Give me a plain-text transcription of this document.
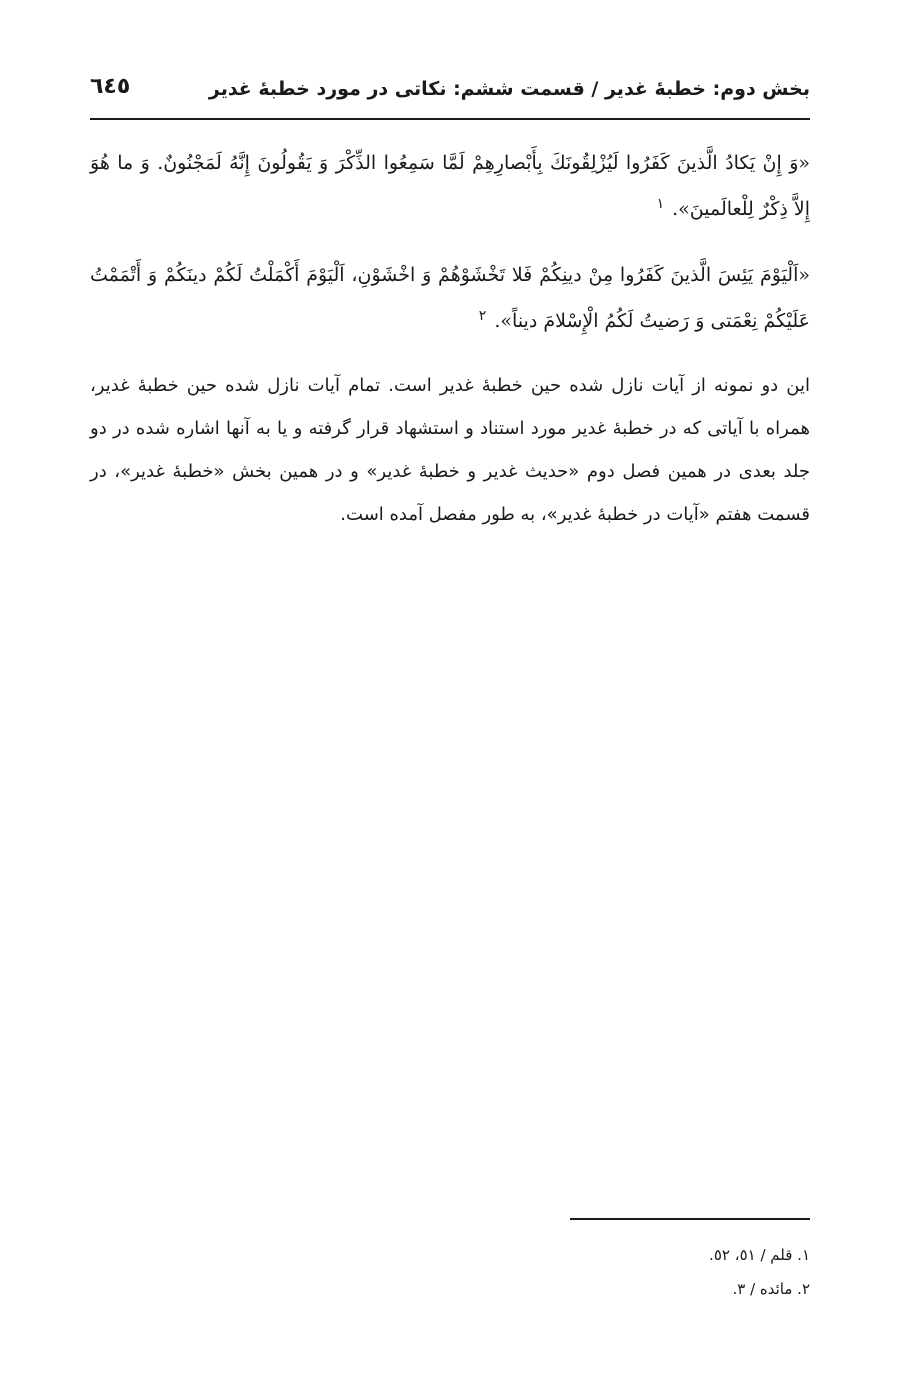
بخش دوم: خطبهٔ غدیر / قسمت ششم: نکاتی در مورد خطبهٔ غدیر
٦٤٥

«وَ إِنْ يَكادُ الَّذينَ كَفَرُوا لَيُزْلِقُونَكَ بِأَبْصارِهِمْ لَمَّا سَمِعُوا الذِّكْرَ وَ يَقُولُونَ إِنَّهُ لَمَجْنُونٌ. وَ ما هُوَ إِلاَّ ذِكْرٌ لِلْعالَمينَ». $^١$

«اَلْيَوْمَ يَئِسَ الَّذينَ كَفَرُوا مِنْ دينِكُمْ فَلا تَخْشَوْهُمْ وَ اخْشَوْنِ، اَلْيَوْمَ أَكْمَلْتُ لَكُمْ دينَكُمْ وَ أَتْمَمْتُ عَلَيْكُمْ نِعْمَتى وَ رَضيتُ لَكُمُ الْإِسْلامَ ديناً». $^٢$

این دو نمونه از آیات نازل شده حین خطبهٔ غدیر است. تمام آیات نازل شده حین خطبهٔ غدیر، همراه با آیاتی که در خطبهٔ غدیر مورد استناد و استشهاد قرار گرفته و یا به آنها اشاره شده در دو جلد بعدی در همین فصل دوم «حدیث غدیر و خطبهٔ غدیر» و در همین بخش «خطبهٔ غدیر»، در قسمت هفتم «آیات در خطبهٔ غدیر»، به طور مفصل آمده است.

١. قلم / ٥١، ٥٢.
٢. مائده / ٣.
